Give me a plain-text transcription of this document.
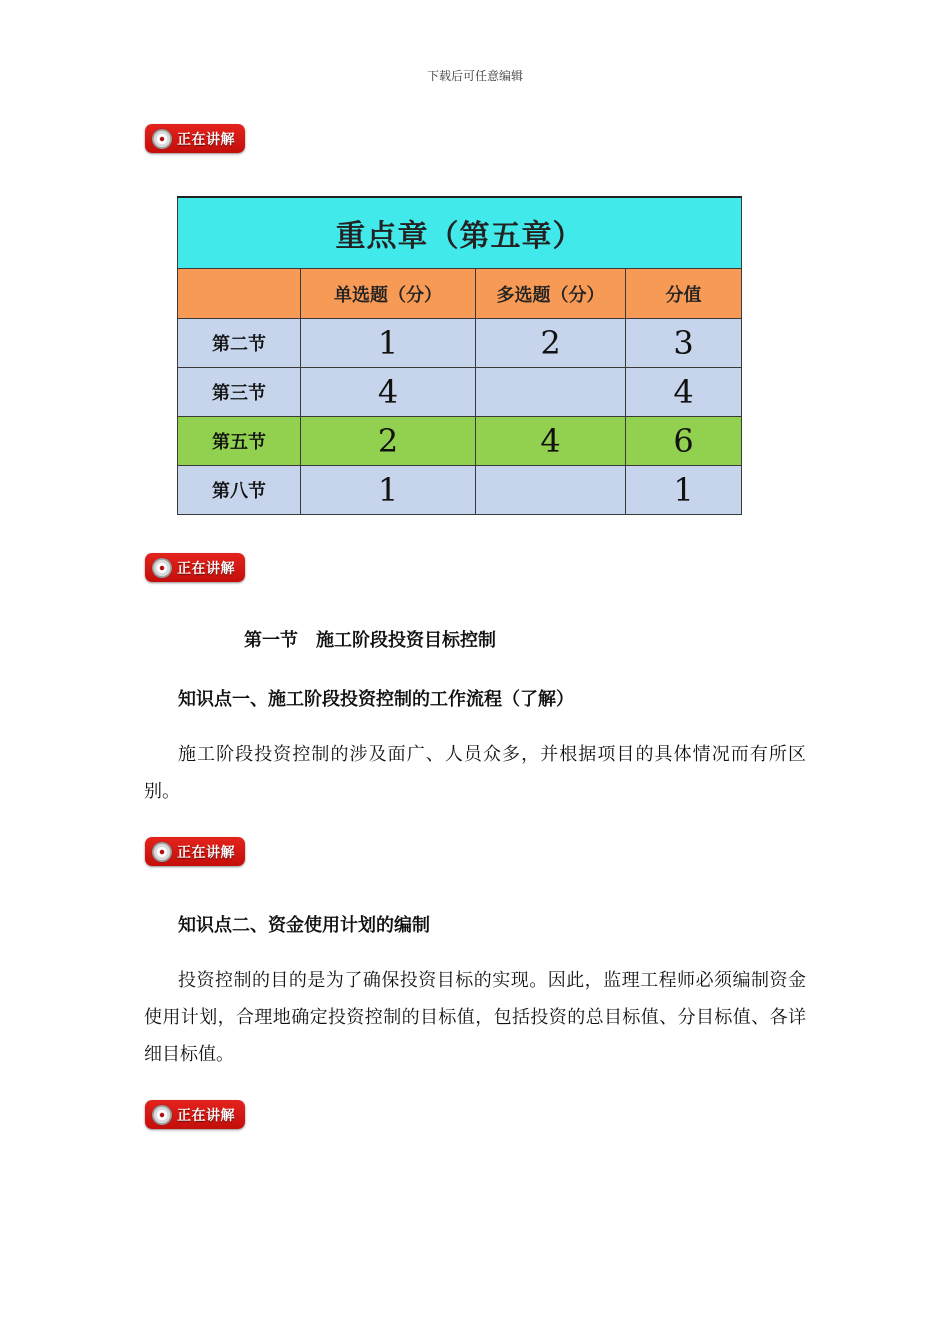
下载后可任意编辑
正在讲解
重点章（第五章）			
	单选题（分）	多选题（分）	分值
第二节	1	2	3
第三节	4		4
第五节	2	4	6
第八节	1		1
正在讲解
第一节　施工阶段投资目标控制
知识点一、施工阶段投资控制的工作流程（了解）
施工阶段投资控制的涉及面广、人员众多，并根据项目的具体情况而有所区别。
正在讲解
知识点二、资金使用计划的编制
投资控制的目的是为了确保投资目标的实现。因此，监理工程师必须编制资金使用计划，合理地确定投资控制的目标值，包括投资的总目标值、分目标值、各详细目标值。
正在讲解
